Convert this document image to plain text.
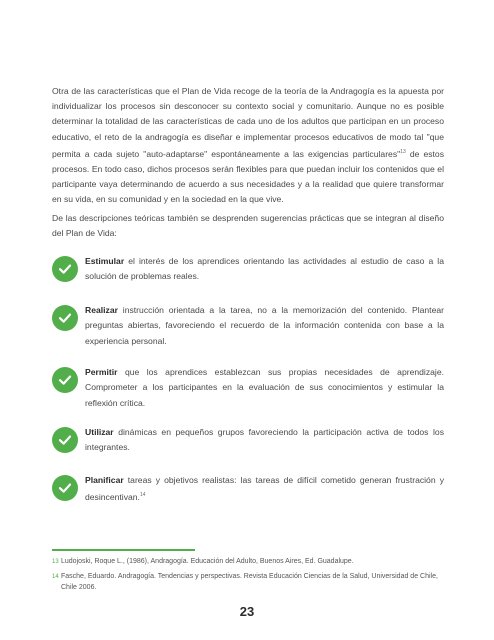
Otra de las características que el Plan de Vida recoge de la teoría de la Andragogía es la apuesta por individualizar los procesos sin desconocer su contexto social y comunitario. Aunque no es posible determinar la totalidad de las características de cada uno de los adultos que participan en un proceso educativo, el reto de la andragogía es diseñar e implementar procesos educativos de modo tal "que permita a cada sujeto "auto-adaptarse" espontáneamente a las exigencias particulares"$^{13}$ de estos procesos. En todo caso, dichos procesos serán flexibles para que puedan incluir los contenidos que el participante vaya determinando de acuerdo a sus necesidades y a la realidad que quiere transformar en su vida, en su comunidad y en la sociedad en la que vive.

De las descripciones teóricas también se desprenden sugerencias prácticas que se integran al diseño del Plan de Vida:

Estimular el interés de los aprendices orientando las actividades al estudio de caso a la solución de problemas reales.

Realizar instrucción orientada a la tarea, no a la memorización del contenido. Plantear preguntas abiertas, favoreciendo el recuerdo de la información contenida con base a la experiencia personal.

Permitir que los aprendices establezcan sus propias necesidades de aprendizaje. Comprometer a los participantes en la evaluación de sus conocimientos y estimular la reflexión crítica.

Utilizar dinámicas en pequeños grupos favoreciendo la participación activa de todos los integrantes.

Planificar tareas y objetivos realistas: las tareas de difícil cometido generan frustración y desincentivan.$^{14}$

13 Ludojoski, Roque L., (1986), Andragogía. Educación del Adulto, Buenos Aires, Ed. Guadalupe.

14 Fasche, Eduardo. Andragogía. Tendencias y perspectivas. Revista Educación Ciencias de la Salud, Universidad de Chile, Chile 2006.

23
